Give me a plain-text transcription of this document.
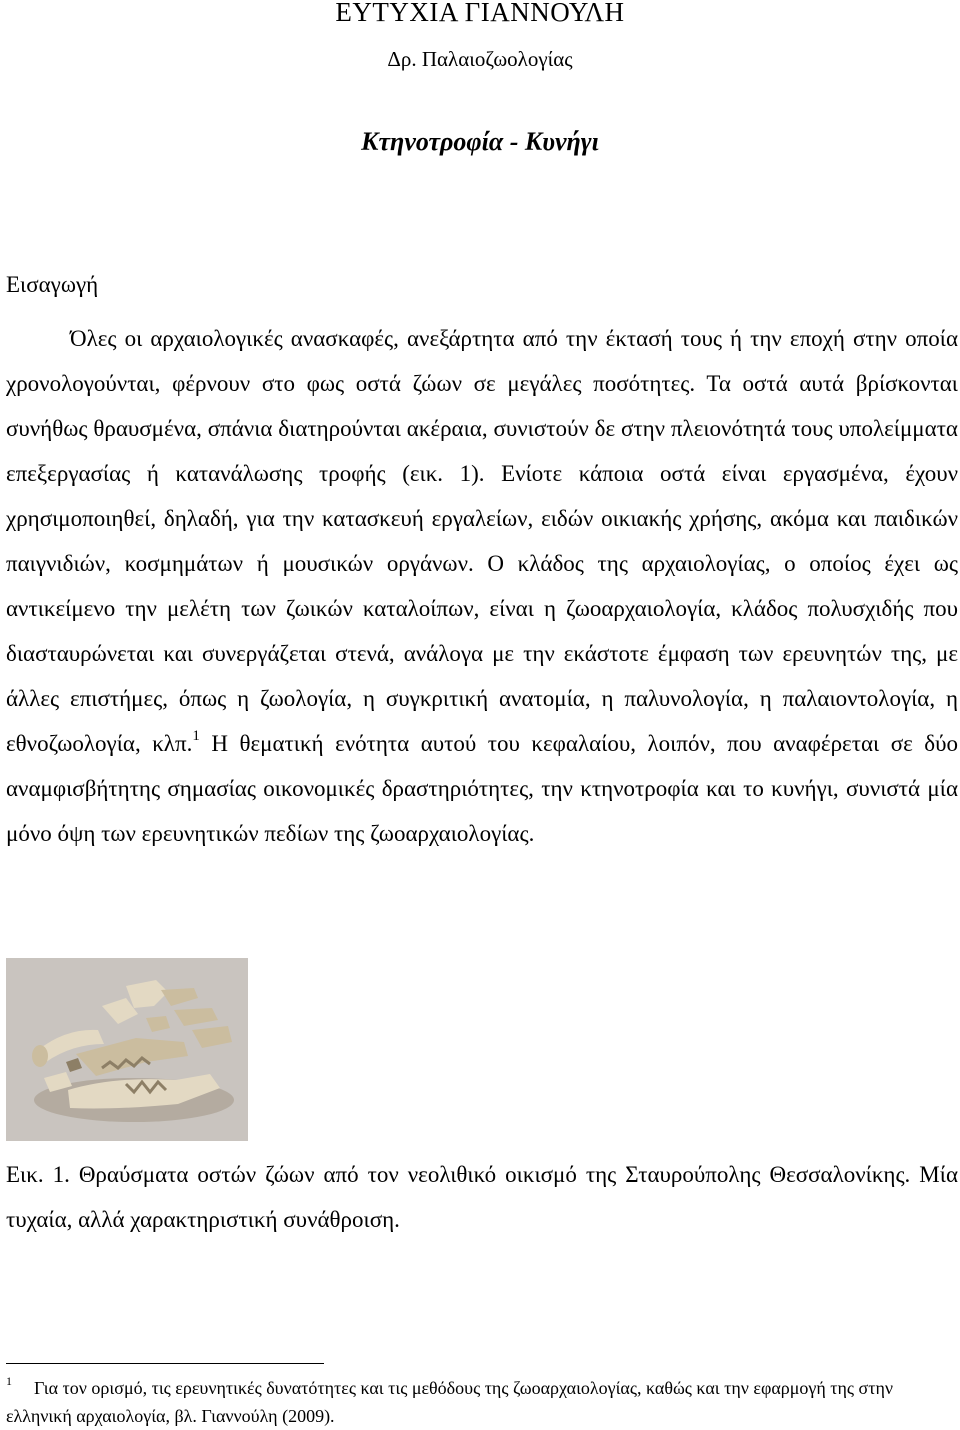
ΕΥΤΥΧΙΑ ΓΙΑΝΝΟΥΛΗ
Δρ. Παλαιοζωολογίας
Κτηνοτροφία - Κυνήγι
Εισαγωγή

Όλες οι αρχαιολογικές ανασκαφές, ανεξάρτητα από την έκτασή τους ή την εποχή στην οποία χρονολογούνται, φέρνουν στο φως οστά ζώων σε μεγάλες ποσότητες. Τα οστά αυτά βρίσκονται συνήθως θραυσμένα, σπάνια διατηρούνται ακέραια, συνιστούν δε στην πλειονότητά τους υπολείμματα επεξεργασίας ή κατανάλωσης τροφής (εικ. 1). Ενίοτε κάποια οστά είναι εργασμένα, έχουν χρησιμοποιηθεί, δηλαδή, για την κατασκευή εργαλείων, ειδών οικιακής χρήσης, ακόμα και παιδικών παιγνιδιών, κοσμημάτων ή μουσικών οργάνων. Ο κλάδος της αρχαιολογίας, ο οποίος έχει ως αντικείμενο την μελέτη των ζωικών καταλοίπων, είναι η ζωοαρχαιολογία, κλάδος πολυσχιδής που διασταυρώνεται και συνεργάζεται στενά, ανάλογα με την εκάστοτε έμφαση των ερευνητών της, με άλλες επιστήμες, όπως η ζωολογία, η συγκριτική ανατομία, η παλυνολογία, η παλαιοντολογία, η εθνοζωολογία, κλπ.$^1$ Η θεματική ενότητα αυτού του κεφαλαίου, λοιπόν, που αναφέρεται σε δύο αναμφισβήτητης σημασίας οικονομικές δραστηριότητες, την κτηνοτροφία και το κυνήγι, συνιστά μία μόνο όψη των ερευνητικών πεδίων της ζωοαρχαιολογίας.

Εικ. 1. Θραύσματα οστών ζώων από τον νεολιθικό οικισμό της Σταυρούπολης Θεσσαλονίκης. Μία τυχαία, αλλά χαρακτηριστική συνάθροιση.

$^1$ Για τον ορισμό, τις ερευνητικές δυνατότητες και τις μεθόδους της ζωοαρχαιολογίας, καθώς και την εφαρμογή της στην ελληνική αρχαιολογία, βλ. Γιαννούλη (2009).
